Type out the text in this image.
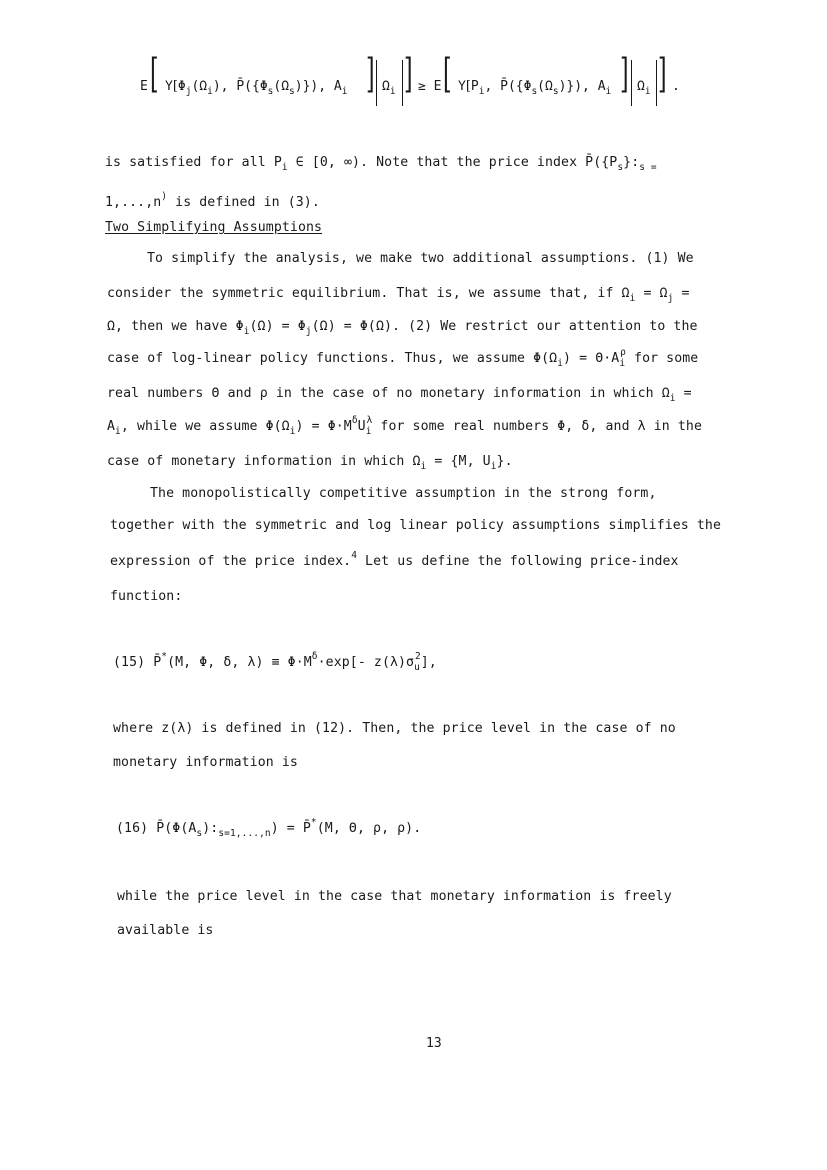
E [ $\Upsilon[\Phi_j(\Omega_i)$, $P̄(\{\Phi_s(\Omega_s)\})$, $A_i$ ] $\Omega_i$ ] ≥ E [ $\Upsilon[P_i$, $P̄(\{\Phi_s(\Omega_s)\})$, $A_i$ ] $\Omega_i$ ] .
is satisfied for all $P_i$ ∈ [0, ∞). Note that the price index $P̄(\{P_s\}:_{s =}$
1,...,n) is defined in (3).
Two Simplifying Assumptions
To simplify the analysis, we make two additional assumptions. (1) We
consider the symmetric equilibrium. That is, we assume that, if $\Omega_i = \Omega_j$ =
Ω, then we have $\Phi_i(\Omega) = \Phi_j(\Omega) = \Phi(\Omega)$. (2) We restrict our attention to the
case of log-linear policy functions. Thus, we assume $\Phi(\Omega_i) = \Theta\cdot A_i^\rho$ for some
real numbers Θ and ρ in the case of no monetary information in which $\Omega_i$ =
$A_i$, while we assume $\Phi(\Omega_i) = \Phi\cdot M^\delta U_i^\lambda$ for some real numbers Φ, δ, and λ in the
case of monetary information in which $\Omega_i = \{M$, $U_i$}.
The monopolistically competitive assumption in the strong form,
together with the symmetric and log linear policy assumptions simplifies the
expression of the price index.$^4$ Let us define the following price-index
function:
(15) P̄*(M, Φ, δ, $\lambda) \equiv \Phi\cdot M^\delta\cdot\exp[-$ $z(\lambda)\sigma_u^2$],
where z(λ) is defined in (12). Then, the price level in the case of no
monetary information is
(16) $P̄(\Phi(A_s):_{s=1,...,n})$ = P̄*(M, Θ, ρ, ρ).
while the price level in the case that monetary information is freely
available is
13
